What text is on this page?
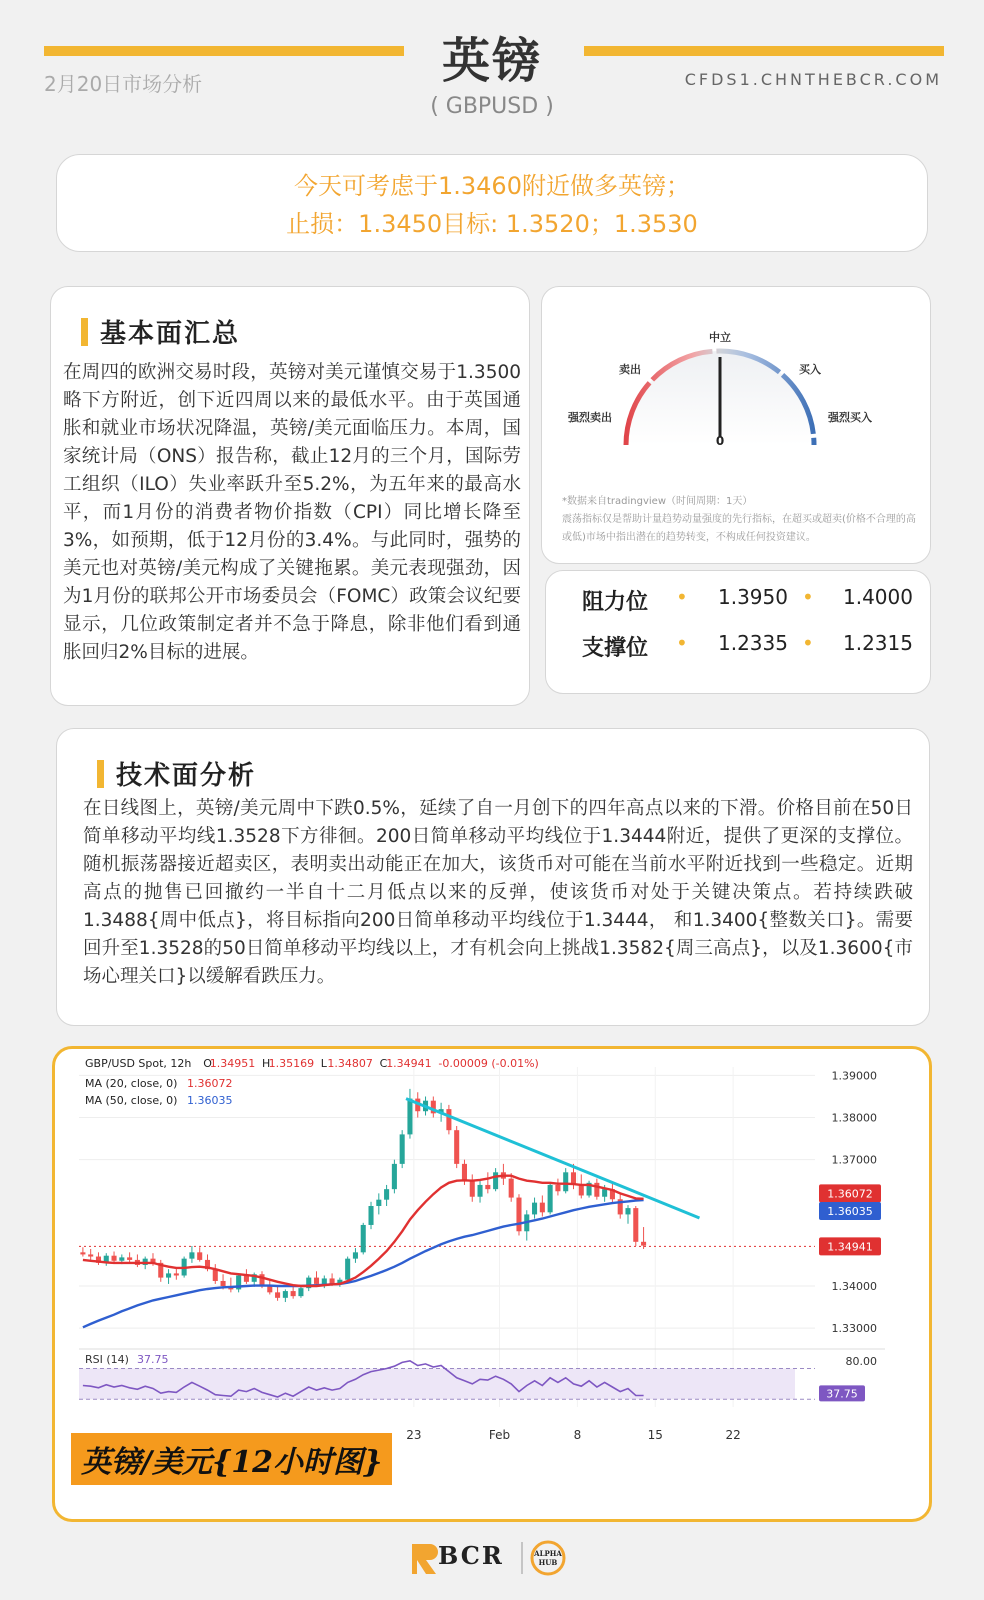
英镑
( GBPUSD )
2月20日市场分析	CFDS1.CHNTHEBCR.COM
今天可考虑于1.3460附近做多英镑；
止损：1.3450目标: 1.3520；1.3530
基本面汇总
在周四的欧洲交易时段，英镑对美元谨慎交易于1.3500略下方附近，创下近四周以来的最低水平。由于英国通胀和就业市场状况降温，英镑/美元面临压力。本周，国家统计局（ONS）报告称，截止12月的三个月，国际劳工组织（ILO）失业率跃升至5.2%，为五年来的最高水平，而1月份的消费者物价指数（CPI）同比增长降至3%，如预期，低于12月份的3.4%。与此同时，强势的美元也对英镑/美元构成了关键拖累。美元表现强劲，因为1月份的联邦公开市场委员会（FOMC）政策会议纪要显示，几位政策制定者并不急于降息，除非他们看到通胀回归2%目标的进展。
0
强烈卖出
卖出
中立
买入
强烈买入
*数据来自tradingview（时间周期：1天）
震荡指标仅是帮助计量趋势动量强度的先行指标，在超买或超卖(价格不合理的高或低)市场中指出潜在的趋势转变，不构成任何投资建议。
阻力位 • 1.3950 • 1.4000
支撑位 • 1.2335 • 1.2315
技术面分析
在日线图上，英镑/美元周中下跌0.5%，延续了自一月创下的四年高点以来的下滑。价格目前在50日简单移动平均线1.3528下方徘徊。200日简单移动平均线位于1.3444附近，提供了更深的支撑位。随机振荡器接近超卖区，表明卖出动能正在加大，该货币对可能在当前水平附近找到一些稳定。近期高点的抛售已回撤约一半自十二月低点以来的反弹，使该货币对处于关键决策点。若持续跌破1.3488{周中低点}，将目标指向200日简单移动平均线位于1.3444， 和1.3400{整数关口}。需要回升至1.3528的50日简单移动平均线以上，才有机会向上挑战1.3582{周三高点}，以及1.3600{市场心理关口}以缓解看跌压力。
1.39000
1.38000
1.37000
1.34000
1.33000
23	Feb	8	15	22
1.36072
1.36035
1.34941
80.00
37.75
RSI (14) 37.75
GBP/USD Spot, 12h O
1.34951 H
1.35169 L 1.34807 C
1.34941 -0.00009 (-0.01%)
MA (20, close, 0) 1.36072
MA (50, close, 0) 1.36035
英镑/美元{12小时图}
BCR	ALPHA
HUB
